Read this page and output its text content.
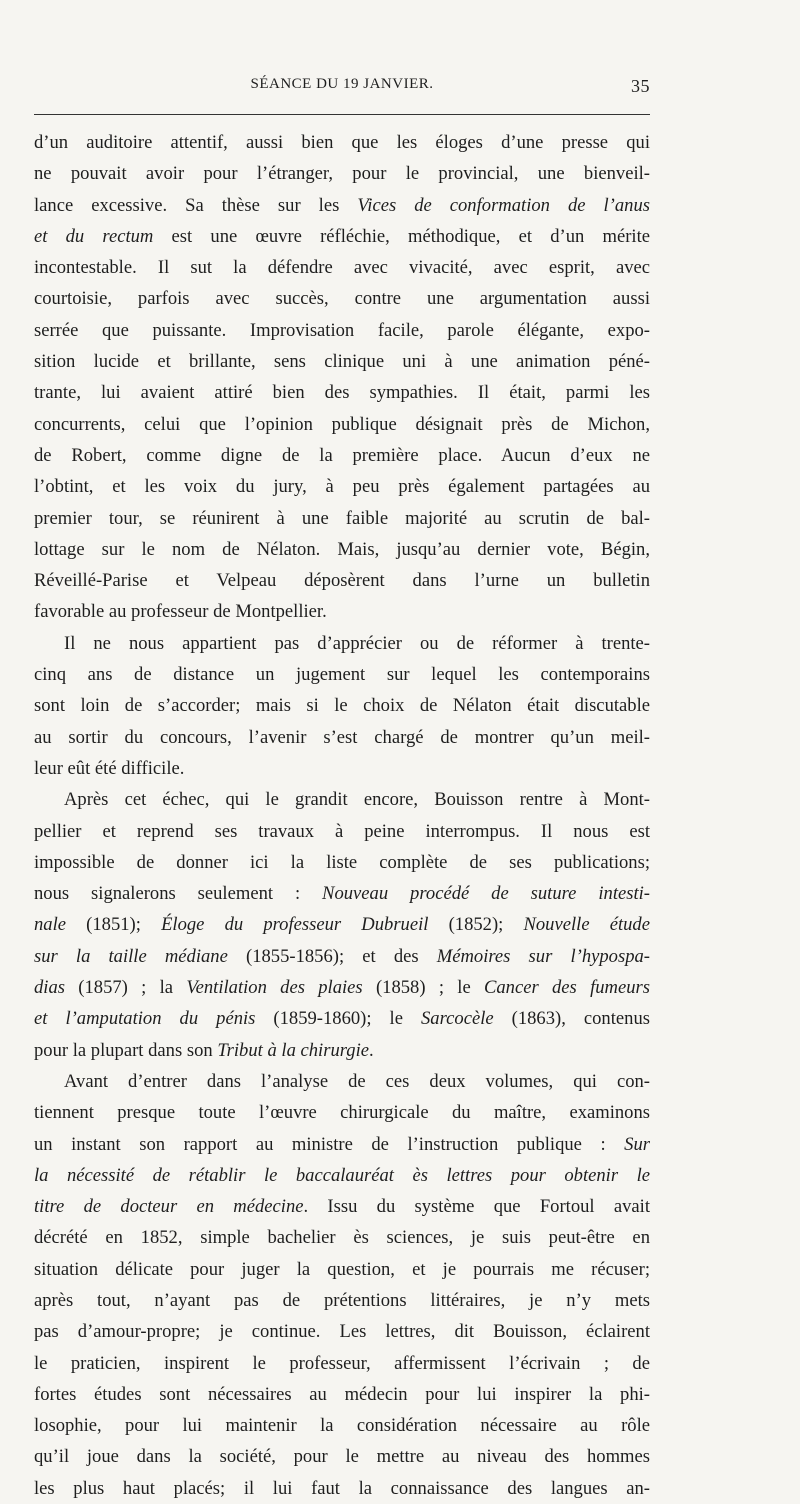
SÉANCE DU 19 JANVIER.	35
d’un auditoire attentif, aussi bien que les éloges d’une presse qui
ne pouvait avoir pour l’étranger, pour le provincial, une bienveil-
lance excessive. Sa thèse sur les Vices de conformation de l’anus
et du rectum est une œuvre réfléchie, méthodique, et d’un mérite
incontestable. Il sut la défendre avec vivacité, avec esprit, avec
courtoisie, parfois avec succès, contre une argumentation aussi
serrée que puissante. Improvisation facile, parole élégante, expo-
sition lucide et brillante, sens clinique uni à une animation péné-
trante, lui avaient attiré bien des sympathies. Il était, parmi les
concurrents, celui que l’opinion publique désignait près de Michon,
de Robert, comme digne de la première place. Aucun d’eux ne
l’obtint, et les voix du jury, à peu près également partagées au
premier tour, se réunirent à une faible majorité au scrutin de bal-
lottage sur le nom de Nélaton. Mais, jusqu’au dernier vote, Bégin,
Réveillé-Parise et Velpeau déposèrent dans l’urne un bulletin
favorable au professeur de Montpellier.
Il ne nous appartient pas d’apprécier ou de réformer à trente-
cinq ans de distance un jugement sur lequel les contemporains
sont loin de s’accorder; mais si le choix de Nélaton était discutable
au sortir du concours, l’avenir s’est chargé de montrer qu’un meil-
leur eût été difficile.
Après cet échec, qui le grandit encore, Bouisson rentre à Mont-
pellier et reprend ses travaux à peine interrompus. Il nous est
impossible de donner ici la liste complète de ses publications;
nous signalerons seulement : Nouveau procédé de suture intesti-
nale (1851); Éloge du professeur Dubrueil (1852); Nouvelle étude
sur la taille médiane (1855-1856); et des Mémoires sur l’hypospa-
dias (1857) ; la Ventilation des plaies (1858) ; le Cancer des fumeurs
et l’amputation du pénis (1859-1860); le Sarcocèle (1863), contenus
pour la plupart dans son Tribut à la chirurgie.
Avant d’entrer dans l’analyse de ces deux volumes, qui con-
tiennent presque toute l’œuvre chirurgicale du maître, examinons
un instant son rapport au ministre de l’instruction publique : Sur
la nécessité de rétablir le baccalauréat ès lettres pour obtenir le
titre de docteur en médecine. Issu du système que Fortoul avait
décrété en 1852, simple bachelier ès sciences, je suis peut-être en
situation délicate pour juger la question, et je pourrais me récuser;
après tout, n’ayant pas de prétentions littéraires, je n’y mets
pas d’amour-propre; je continue. Les lettres, dit Bouisson, éclairent
le praticien, inspirent le professeur, affermissent l’écrivain ; de
fortes études sont nécessaires au médecin pour lui inspirer la phi-
losophie, pour lui maintenir la considération nécessaire au rôle
qu’il joue dans la société, pour le mettre au niveau des hommes
les plus haut placés; il lui faut la connaissance des langues an-
